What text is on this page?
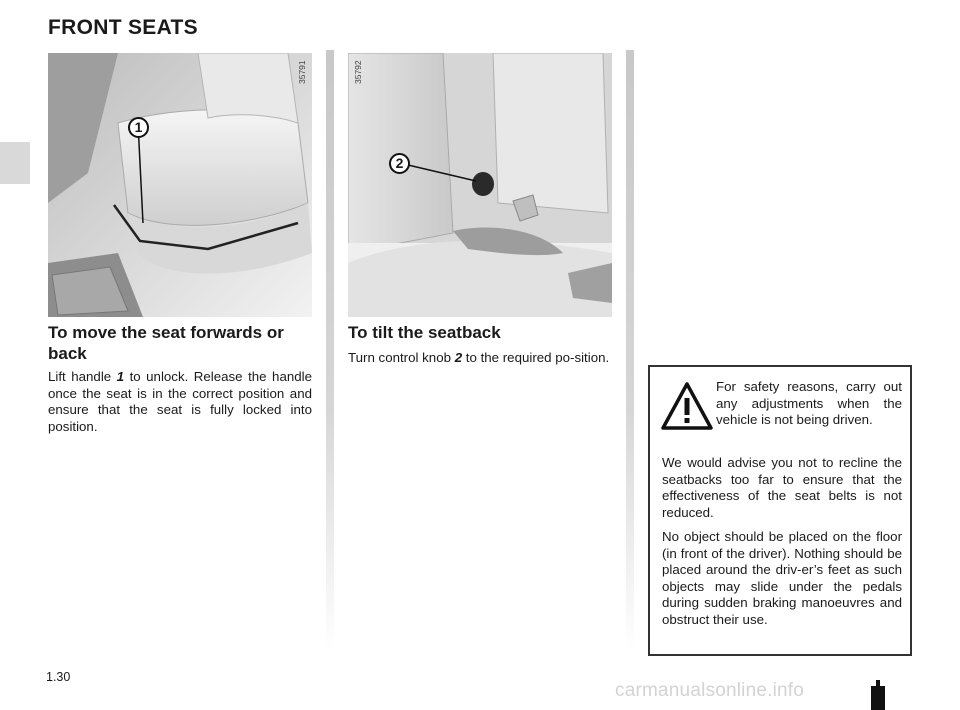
FRONT SEATS
35791
1
35792
2
To move the seat forwards or back

Lift handle 1 to unlock. Release the handle once the seat is in the correct position and ensure that the seat is fully locked into position.

To tilt the seatback

Turn control knob 2 to the required po-sition.

For safety reasons, carry out any adjustments when the vehicle is not being driven.

We would advise you not to recline the seatbacks too far to ensure that the effectiveness of the seat belts is not reduced.

No object should be placed on the floor (in front of the driver). Nothing should be placed around the driv-er’s feet as such objects may slide under the pedals during sudden braking manoeuvres and obstruct their use.

1.30
carmanualsonline.info
